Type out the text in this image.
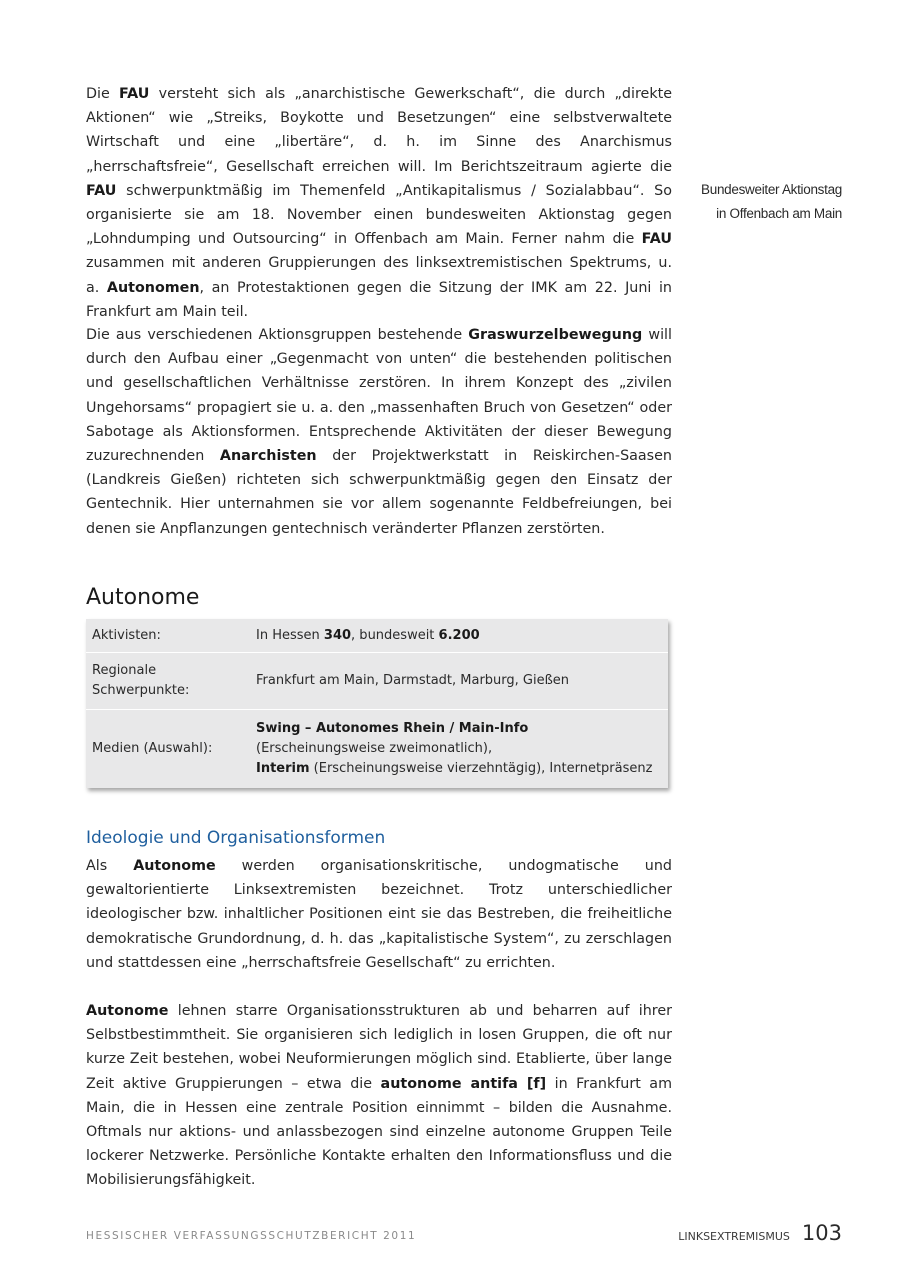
Die FAU versteht sich als „anarchistische Gewerkschaft“, die durch „direkte Aktionen“ wie „Streiks, Boykotte und Besetzungen“ eine selbstverwaltete Wirtschaft und eine „libertäre“, d. h. im Sinne des Anarchismus „herrschaftsfreie“, Gesellschaft erreichen will. Im Berichtszeitraum agierte die FAU schwerpunktmäßig im Themenfeld „Antikapitalismus / Sozialabbau“. So organisierte sie am 18. November einen bundesweiten Aktionstag gegen „Lohndumping und Outsourcing“ in Offenbach am Main. Ferner nahm die FAU zusammen mit anderen Gruppierungen des linksextremistischen Spektrums, u. a. Autonomen, an Protestaktionen gegen die Sitzung der IMK am 22. Juni in Frankfurt am Main teil.

Bundesweiter Aktionstag
in Offenbach am Main

Die aus verschiedenen Aktionsgruppen bestehende Graswurzelbewegung will durch den Aufbau einer „Gegenmacht von unten“ die bestehenden politischen und gesellschaftlichen Verhältnisse zerstören. In ihrem Konzept des „zivilen Ungehorsams“ propagiert sie u. a. den „massenhaften Bruch von Gesetzen“ oder Sabotage als Aktionsformen. Entsprechende Aktivitäten der dieser Bewegung zuzurechnenden Anarchisten der Projektwerkstatt in Reiskirchen-Saasen (Landkreis Gießen) richteten sich schwerpunktmäßig gegen den Einsatz der Gentechnik. Hier unternahmen sie vor allem sogenannte Feldbefreiungen, bei denen sie Anpflanzungen gentechnisch veränderter Pflanzen zerstörten.

Autonome
Aktivisten:	In Hessen 340, bundesweit 6.200
Regionale
Schwerpunkte:
Frankfurt am Main, Darmstadt, Marburg, Gießen
Medien (Auswahl):
Swing – Autonomes Rhein / Main-Info
(Erscheinungsweise zweimonatlich),
Interim (Erscheinungsweise vierzehntägig), Internetpräsenz
Ideologie und Organisationsformen

Als Autonome werden organisationskritische, undogmatische und gewaltorientierte Linksextremisten bezeichnet. Trotz unterschiedlicher ideologischer bzw. inhaltlicher Positionen eint sie das Bestreben, die freiheitliche demokratische Grundordnung, d. h. das „kapitalistische System“, zu zerschlagen und stattdessen eine „herrschaftsfreie Gesellschaft“ zu errichten.

Autonome lehnen starre Organisationsstrukturen ab und beharren auf ihrer Selbstbestimmtheit. Sie organisieren sich lediglich in losen Gruppen, die oft nur kurze Zeit bestehen, wobei Neuformierungen möglich sind. Etablierte, über lange Zeit aktive Gruppierungen – etwa die autonome antifa [f] in Frankfurt am Main, die in Hessen eine zentrale Position einnimmt – bilden die Ausnahme. Oftmals nur aktions- und anlassbezogen sind einzelne autonome Gruppen Teile lockerer Netzwerke. Persönliche Kontakte erhalten den Informationsfluss und die Mobilisierungsfähigkeit.

HESSISCHER VERFASSUNGSSCHUTZBERICHT 2011	LINKSEXTREMISMUS 103
